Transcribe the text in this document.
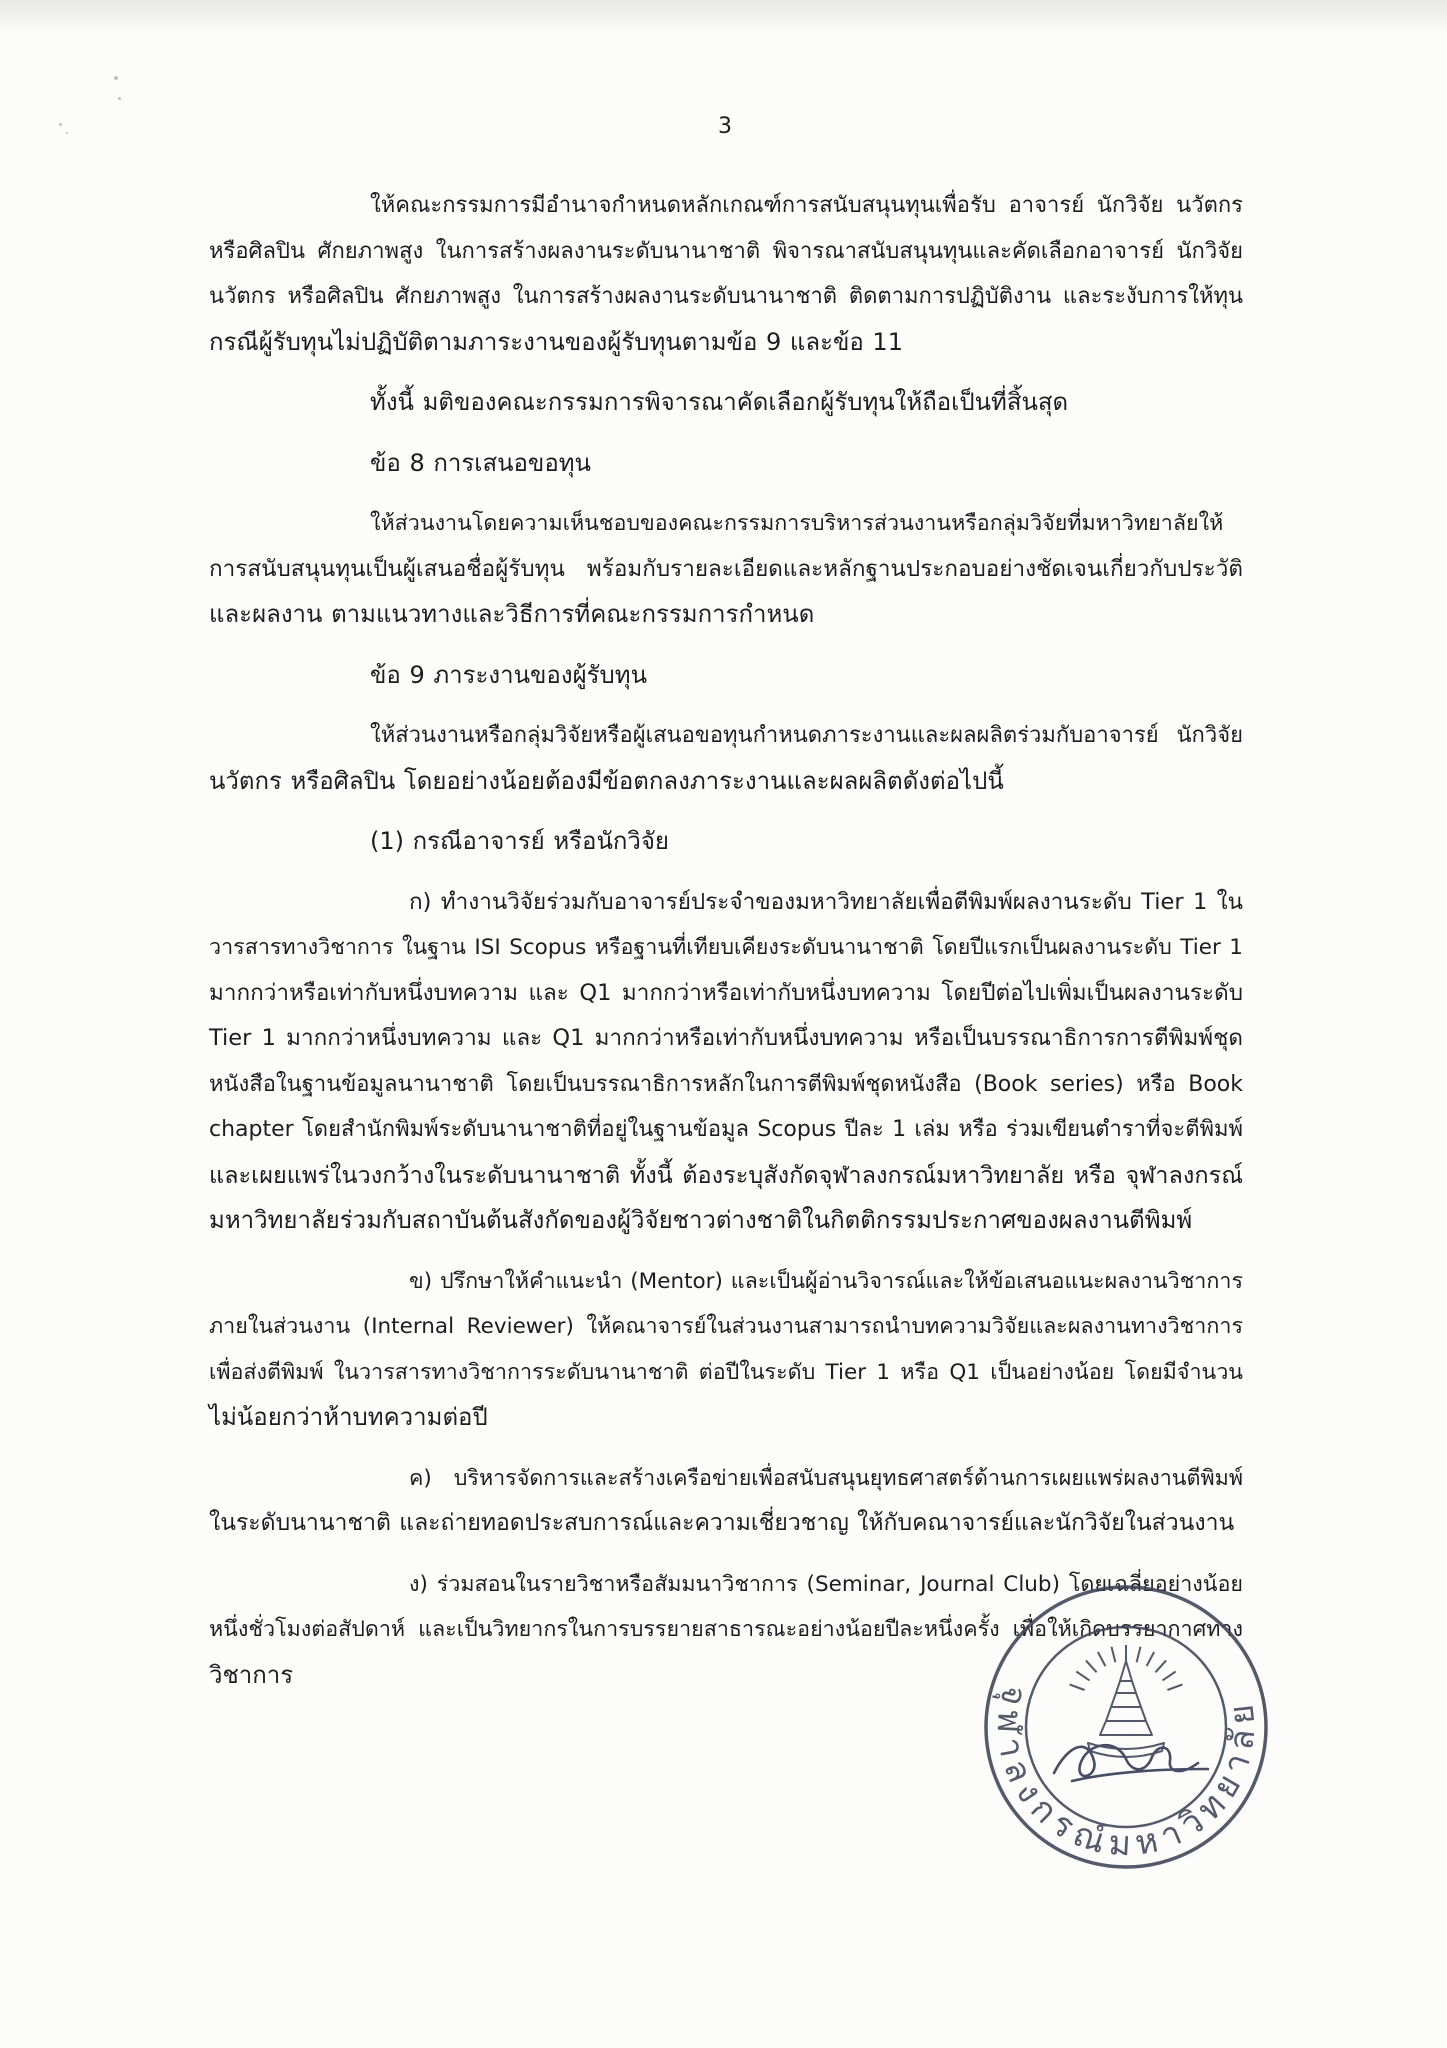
3
ให้คณะกรรมการมีอำนาจกำหนดหลักเกณฑ์การสนับสนุนทุนเพื่อรับ อาจารย์ นักวิจัย นวัตกร
หรือศิลปิน ศักยภาพสูง ในการสร้างผลงานระดับนานาชาติ พิจารณาสนับสนุนทุนและคัดเลือกอาจารย์ นักวิจัย
นวัตกร หรือศิลปิน ศักยภาพสูง ในการสร้างผลงานระดับนานาชาติ ติดตามการปฏิบัติงาน และระงับการให้ทุน
กรณีผู้รับทุนไม่ปฏิบัติตามภาระงานของผู้รับทุนตามข้อ 9 และข้อ 11
ทั้งนี้ มติของคณะกรรมการพิจารณาคัดเลือกผู้รับทุนให้ถือเป็นที่สิ้นสุด
ข้อ 8 การเสนอขอทุน
ให้ส่วนงานโดยความเห็นชอบของคณะกรรมการบริหารส่วนงานหรือกลุ่มวิจัยที่มหาวิทยาลัยให้
การสนับสนุนทุนเป็นผู้เสนอชื่อผู้รับทุน พร้อมกับรายละเอียดและหลักฐานประกอบอย่างชัดเจนเกี่ยวกับประวัติ
และผลงาน ตามแนวทางและวิธีการที่คณะกรรมการกำหนด
ข้อ 9 ภาระงานของผู้รับทุน
ให้ส่วนงานหรือกลุ่มวิจัยหรือผู้เสนอขอทุนกำหนดภาระงานและผลผลิตร่วมกับอาจารย์ นักวิจัย
นวัตกร หรือศิลปิน โดยอย่างน้อยต้องมีข้อตกลงภาระงานและผลผลิตดังต่อไปนี้
(1) กรณีอาจารย์ หรือนักวิจัย
ก) ทำงานวิจัยร่วมกับอาจารย์ประจำของมหาวิทยาลัยเพื่อตีพิมพ์ผลงานระดับ Tier 1 ใน
วารสารทางวิชาการ ในฐาน ISI Scopus หรือฐานที่เทียบเคียงระดับนานาชาติ โดยปีแรกเป็นผลงานระดับ Tier 1
มากกว่าหรือเท่ากับหนึ่งบทความ และ Q1 มากกว่าหรือเท่ากับหนึ่งบทความ โดยปีต่อไปเพิ่มเป็นผลงานระดับ
Tier 1 มากกว่าหนึ่งบทความ และ Q1 มากกว่าหรือเท่ากับหนึ่งบทความ หรือเป็นบรรณาธิการการตีพิมพ์ชุด
หนังสือในฐานข้อมูลนานาชาติ โดยเป็นบรรณาธิการหลักในการตีพิมพ์ชุดหนังสือ (Book series) หรือ Book
chapter โดยสำนักพิมพ์ระดับนานาชาติที่อยู่ในฐานข้อมูล Scopus ปีละ 1 เล่ม หรือ ร่วมเขียนตำราที่จะตีพิมพ์
และเผยแพร่ในวงกว้างในระดับนานาชาติ ทั้งนี้ ต้องระบุสังกัดจุฬาลงกรณ์มหาวิทยาลัย หรือ จุฬาลงกรณ์
มหาวิทยาลัยร่วมกับสถาบันต้นสังกัดของผู้วิจัยชาวต่างชาติในกิตติกรรมประกาศของผลงานตีพิมพ์
ข) ปรึกษาให้คำแนะนำ (Mentor) และเป็นผู้อ่านวิจารณ์และให้ข้อเสนอแนะผลงานวิชาการ
ภายในส่วนงาน (Internal Reviewer) ให้คณาจารย์ในส่วนงานสามารถนำบทความวิจัยและผลงานทางวิชาการ
เพื่อส่งตีพิมพ์ ในวารสารทางวิชาการระดับนานาชาติ ต่อปีในระดับ Tier 1 หรือ Q1 เป็นอย่างน้อย โดยมีจำนวน
ไม่น้อยกว่าห้าบทความต่อปี
ค) บริหารจัดการและสร้างเครือข่ายเพื่อสนับสนุนยุทธศาสตร์ด้านการเผยแพร่ผลงานตีพิมพ์
ในระดับนานาชาติ และถ่ายทอดประสบการณ์และความเชี่ยวชาญ ให้กับคณาจารย์และนักวิจัยในส่วนงาน
ง) ร่วมสอนในรายวิชาหรือสัมมนาวิชาการ (Seminar, Journal Club) โดยเฉลี่ยอย่างน้อย
หนึ่งชั่วโมงต่อสัปดาห์ และเป็นวิทยากรในการบรรยายสาธารณะอย่างน้อยปีละหนึ่งครั้ง เพื่อให้เกิดบรรยากาศทาง
วิชาการ
จุฬาลงกรณ์มหาวิทยาลัย
